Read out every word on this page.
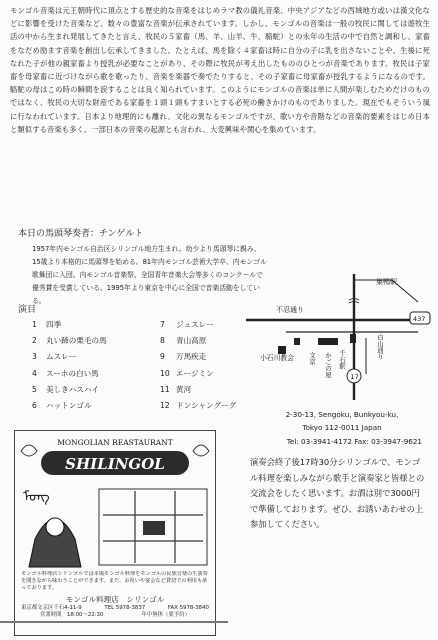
モンゴル音楽は元王朝時代に頂点とする歴史的な音楽をはじめラマ教の儀礼音楽、中央アジアなどの西域地方或いは漢文化などに影響を受けた音楽など、数々の豊富な音楽が伝承されています。しかし、モンゴルの音楽は一般の牧民に関しては遊牧生活の中から生まれ発展してきたと言え、牧民の５家畜（馬、羊、山羊、牛、駱駝）との永年の生活の中で自然と調和し、家畜をなだめ励ます音楽を創出し伝承してきました。たとえば、馬を除く４家畜は時に自分の子に乳を出さないことや、生後に死なれた子が他の親家畜より授乳が必要なことがあり、その際に牧民が考え出したもののひとつが音楽であります。牧民は子家畜を母家畜に近づけながら歌を歌ったり、音楽を楽器で奏でたりすると、その子家畜に母家畜が授乳するようになるのです。駱駝の母はこの時の瞬間を涙することは良く知られています。このようにモンゴルの音楽は単に人間が楽しむためだけのものではなく、牧民の大切な財産である家畜を１頭１頭もすまいとする必死の働きかけのものでありました。現在でもそういう風に行なわれています。日本より地理的にも離れ、文化の異なるモンゴルですが、歌い方や音階などの音楽的要素をはじめ日本と類似する音楽も多く、一部日本の音楽の起源とも言われ、大変興味や関心を集めています。
本日の馬頭琴奏者：チンゲルト
1957年内モンゴル自治区シリンゴル地方生まれ。幼少より馬頭琴に親み、15歳より本格的に馬頭琴を始める。81年内モンゴル芸術大学卒、内モンゴル歌舞団に入団。内モンゴル音楽祭、全国青年音楽大会等多くのコンクールで優秀賞を受賞している。1995年より東京を中心に全国で音楽活動をしている。
演目
1 四季
2 丸い蹄の栗毛の馬
3 ムスレー
4 スーホの白い馬
5 美しきハスハイ
6 ハットンゴル
7 ジュスレー
8 青山高原
9 万馬疾走
10 エージミン
11 黄河
12 ドンシャングーグ
巣鴨駅
不忍通り
17
437
小石川教会 文京 かごの屋 千石駅	白山通り
2-30-13, Sengoku, Bunkyou-ku,
Tokyo 112-0011 Japan
Tel: 03-3941-4172 Fax: 03-3947-9621
MONGOLIAN REASTAURANT
SHILINGOL
ᠮᠣᠩ
モンゴル料理店シリンゴルでは本場モンゴル料理をモンゴルの民族音楽の生演奏を聞きながら味わうことができます。また、お祝いや宴会など貸切での利用も承っております。
モンゴル料理店　シリンゴル
東京都文京区千石4-11-9	TEL 5978-3837	FAX 5978-3840
営業時間　18:00〜22:30	年中無休（要予約）
演奏会終了後17時30分シリンゴルで、モンゴル料理を楽しみながら歌手と演奏家と皆様との交流会をしたく思います。お酒は別で3000円で準備しております。ぜひ、お誘いあわせの上参加してください。
